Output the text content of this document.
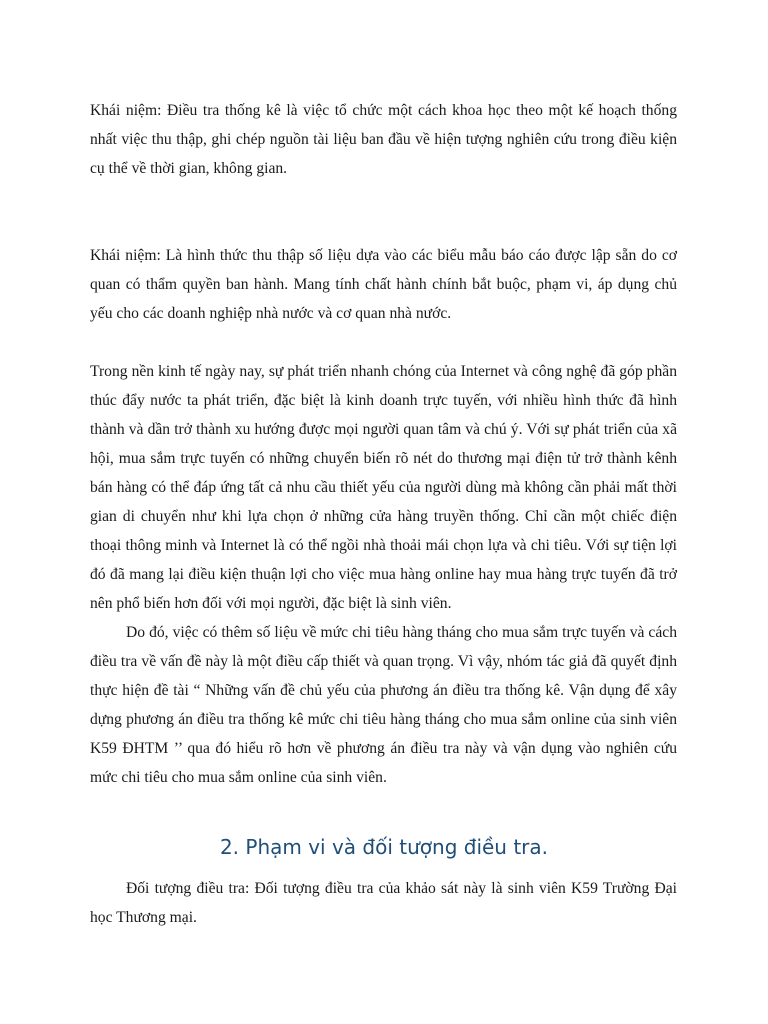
Khái niệm: Điều tra thống kê là việc tổ chức một cách khoa học theo một kế hoạch thống nhất việc thu thập, ghi chép nguồn tài liệu ban đầu về hiện tượng nghiên cứu trong điều kiện cụ thể về thời gian, không gian.

Khái niệm: Là hình thức thu thập số liệu dựa vào các biểu mẫu báo cáo được lập sẵn do cơ quan có thẩm quyền ban hành. Mang tính chất hành chính bắt buộc, phạm vi, áp dụng chủ yếu cho các doanh nghiệp nhà nước và cơ quan nhà nước.

Trong nền kinh tế ngày nay, sự phát triển nhanh chóng của Internet và công nghệ đã góp phần thúc đẩy nước ta phát triển, đặc biệt là kinh doanh trực tuyến, với nhiều hình thức đã hình thành và dần trở thành xu hướng được mọi người quan tâm và chú ý. Với sự phát triển của xã hội, mua sắm trực tuyến có những chuyển biến rõ nét do thương mại điện tử trở thành kênh bán hàng có thể đáp ứng tất cả nhu cầu thiết yếu của người dùng mà không cần phải mất thời gian di chuyển như khi lựa chọn ở những cửa hàng truyền thống. Chỉ cần một chiếc điện thoại thông minh và Internet là có thể ngồi nhà thoải mái chọn lựa và chi tiêu. Với sự tiện lợi đó đã mang lại điều kiện thuận lợi cho việc mua hàng online hay mua hàng trực tuyến đã trở nên phổ biến hơn đối với mọi người, đặc biệt là sinh viên.

Do đó, việc có thêm số liệu về mức chi tiêu hàng tháng cho mua sắm trực tuyến và cách điều tra về vấn đề này là một điều cấp thiết và quan trọng. Vì vậy, nhóm tác giả đã quyết định thực hiện đề tài “ Những vấn đề chủ yếu của phương án điều tra thống kê. Vận dụng để xây dựng phương án điều tra thống kê mức chi tiêu hàng tháng cho mua sắm online của sinh viên K59 ĐHTM ’’ qua đó hiểu rõ hơn về phương án điều tra này và vận dụng vào nghiên cứu mức chi tiêu cho mua sắm online của sinh viên.

2. Phạm vi và đối tượng điều tra.

Đối tượng điều tra: Đối tượng điều tra của khảo sát này là sinh viên K59 Trường Đại học Thương mại.
